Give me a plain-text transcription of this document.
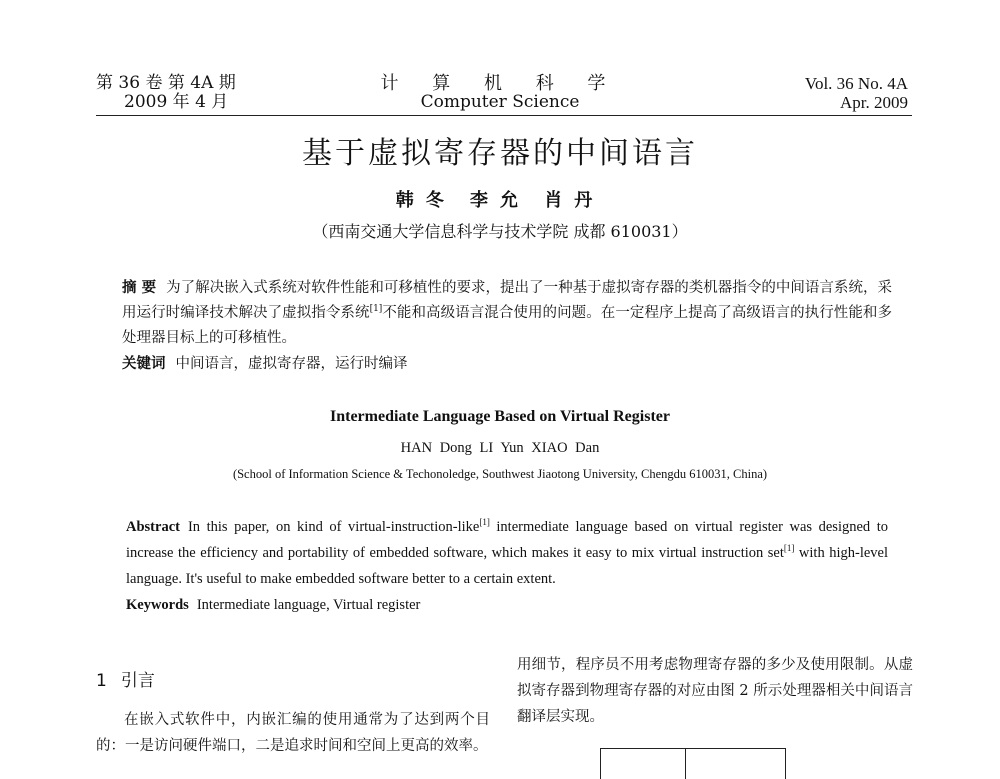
第 36 卷 第 4A 期
2009 年 4 月
计 算 机 科 学
Computer Science
Vol. 36 No. 4A
Apr. 2009
基于虚拟寄存器的中间语言
韩冬 李允 肖丹
（西南交通大学信息科学与技术学院 成都 610031）
摘 要 为了解决嵌入式系统对软件性能和可移植性的要求，提出了一种基于虚拟寄存器的类机器指令的中间语言系统，采用运行时编译技术解决了虚拟指令系统[1]不能和高级语言混合使用的问题。在一定程序上提高了高级语言的执行性能和多处理器目标上的可移植性。
关键词 中间语言，虚拟寄存器，运行时编译
Intermediate Language Based on Virtual Register
HAN Dong LI Yun XIAO Dan
(School of Information Science & Techonoledge, Southwest Jiaotong University, Chengdu 610031, China)
Abstract In this paper, on kind of virtual-instruction-like[1] intermediate language based on virtual register was designed to increase the efficiency and portability of embedded software, which makes it easy to mix virtual instruction set[1] with high-level language. It's useful to make embedded software better to a certain extent.
Keywords Intermediate language, Virtual register
1 引言
在嵌入式软件中，内嵌汇编的使用通常为了达到两个目的：一是访问硬件端口，二是追求时间和空间上更高的效率。
用细节，程序员不用考虑物理寄存器的多少及使用限制。从虚拟寄存器到物理寄存器的对应由图 2 所示处理器相关中间语言翻译层实现。
